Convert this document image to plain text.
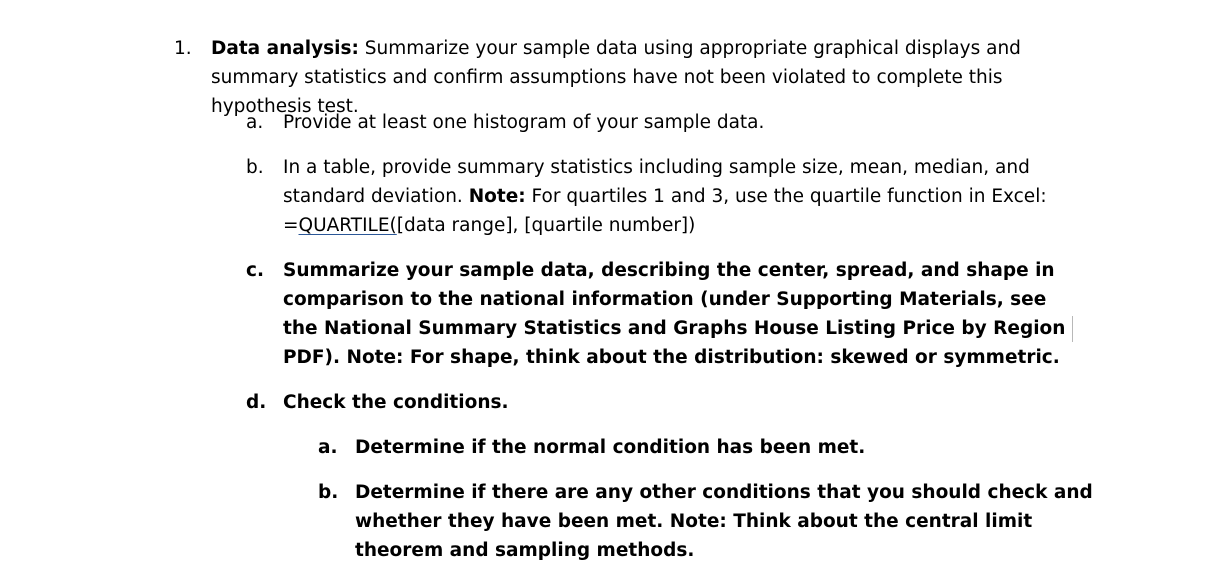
1. Data analysis: Summarize your sample data using appropriate graphical displays and summary statistics and confirm assumptions have not been violated to complete this hypothesis test.
a. Provide at least one histogram of your sample data.
b. In a table, provide summary statistics including sample size, mean, median, and standard deviation. Note: For quartiles 1 and 3, use the quartile function in Excel:
=QUARTILE([data range], [quartile number])
c. Summarize your sample data, describing the center, spread, and shape in comparison to the national information (under Supporting Materials, see the National Summary Statistics and Graphs House Listing Price by Region PDF). Note: For shape, think about the distribution: skewed or symmetric.
d. Check the conditions.
a. Determine if the normal condition has been met.
b. Determine if there are any other conditions that you should check and whether they have been met. Note: Think about the central limit theorem and sampling methods.
